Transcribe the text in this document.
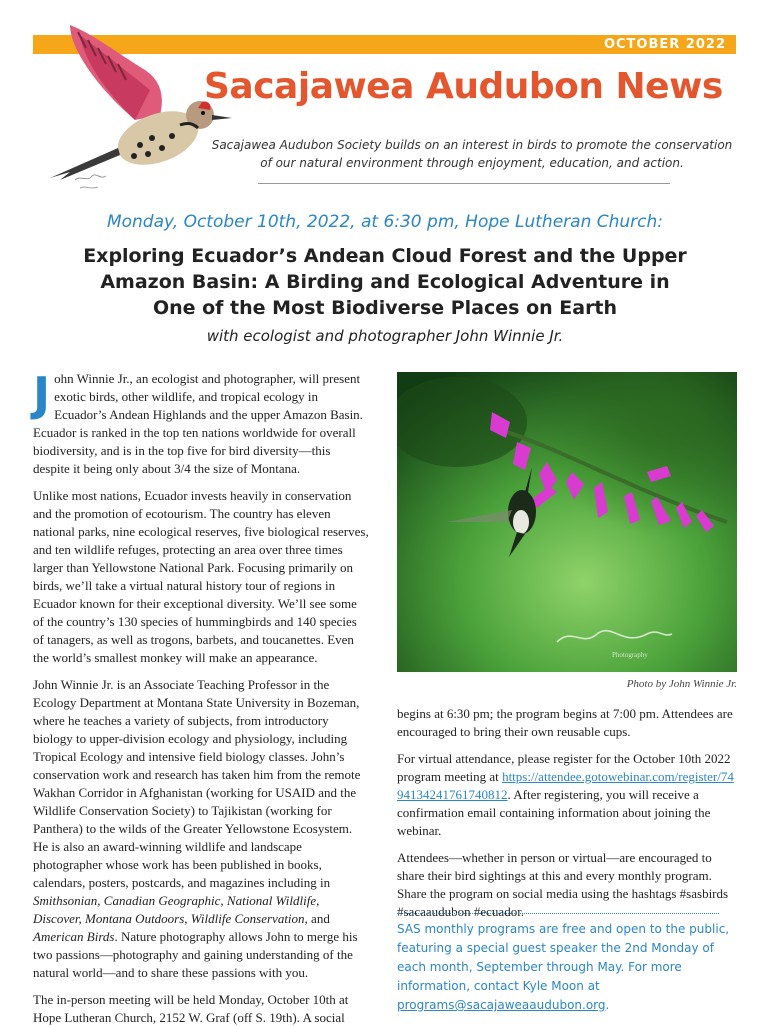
OCTOBER 2022
Sacajawea Audubon News
Sacajawea Audubon Society builds on an interest in birds to promote the conservation of our natural environment through enjoyment, education, and action.
Monday, October 10th, 2022, at 6:30 pm, Hope Lutheran Church:
Exploring Ecuador’s Andean Cloud Forest and the Upper Amazon Basin: A Birding and Ecological Adventure in One of the Most Biodiverse Places on Earth
with ecologist and photographer John Winnie Jr.

John Winnie Jr., an ecologist and photographer, will present exotic birds, other wildlife, and tropical ecology in Ecuador’s Andean Highlands and the upper Amazon Basin. Ecuador is ranked in the top ten nations worldwide for overall biodiversity, and is in the top five for bird diversity—this despite it being only about 3/4 the size of Montana.

Unlike most nations, Ecuador invests heavily in conservation and the promotion of ecotourism. The country has eleven national parks, nine ecological reserves, five biological reserves, and ten wildlife refuges, protecting an area over three times larger than Yellowstone National Park. Focusing primarily on birds, we’ll take a virtual natural history tour of regions in Ecuador known for their exceptional diversity. We’ll see some of the country’s 130 species of hummingbirds and 140 species of tanagers, as well as trogons, barbets, and toucanettes. Even the world’s smallest monkey will make an appearance.

John Winnie Jr. is an Associate Teaching Professor in the Ecology Department at Montana State University in Bozeman, where he teaches a variety of subjects, from introductory biology to upper-division ecology and physiology, including Tropical Ecology and intensive field biology classes. John’s conservation work and research has taken him from the remote Wakhan Corridor in Afghanistan (working for USAID and the Wildlife Conservation Society) to Tajikistan (working for Panthera) to the wilds of the Greater Yellowstone Ecosystem. He is also an award-winning wildlife and landscape photographer whose work has been published in books, calendars, posters, postcards, and magazines including in Smithsonian, Canadian Geographic, National Wildlife, Discover, Montana Outdoors, Wildlife Conservation, and American Birds. Nature photography allows John to merge his two passions—photography and gaining understanding of the natural world—and to share these passions with you.

The in-person meeting will be held Monday, October 10th at Hope Lutheran Church, 2152 W. Graf (off S. 19th). A social

Photography
Photo by John Winnie Jr.

begins at 6:30 pm; the program begins at 7:00 pm. Attendees are encouraged to bring their own reusable cups.

For virtual attendance, please register for the October 10th 2022 program meeting at https://attendee.gotowebinar.com/register/7494134241761740812. After registering, you will receive a confirmation email containing information about joining the webinar.

Attendees—whether in person or virtual—are encouraged to share their bird sightings at this and every monthly program. Share the program on social media using the hashtags #sasbirds #sacaaudubon #ecuador.

SAS monthly programs are free and open to the public, featuring a special guest speaker the 2nd Monday of each month, September through May. For more information, contact Kyle Moon at programs@sacajaweaaudubon.org.
